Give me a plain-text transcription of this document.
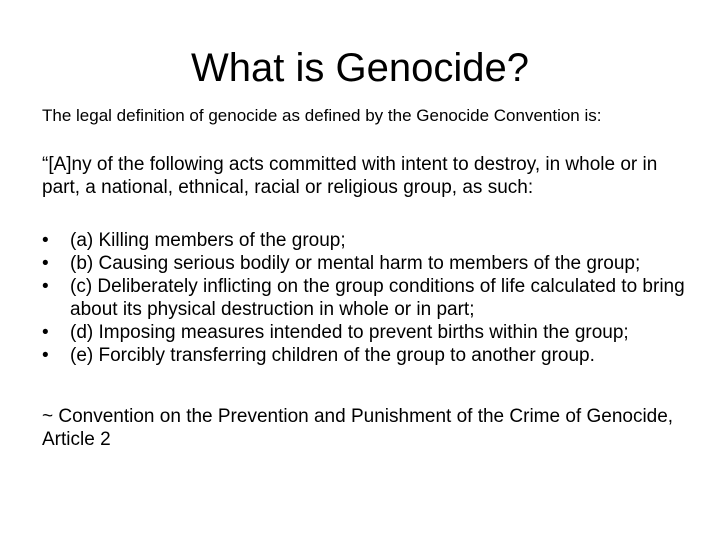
What is Genocide?

The legal definition of genocide as defined by the Genocide Convention is:

“[A]ny of the following acts committed with intent to destroy, in whole or in part, a national, ethnical, racial or religious group, as such:

•	(a) Killing members of the group;
•	(b) Causing serious bodily or mental harm to members of the group;
•	(c) Deliberately inflicting on the group conditions of life calculated to bring about its physical destruction in whole or in part;
•	(d) Imposing measures intended to prevent births within the group;
•	(e) Forcibly transferring children of the group to another group.

~ Convention on the Prevention and Punishment of the Crime of Genocide, Article 2
